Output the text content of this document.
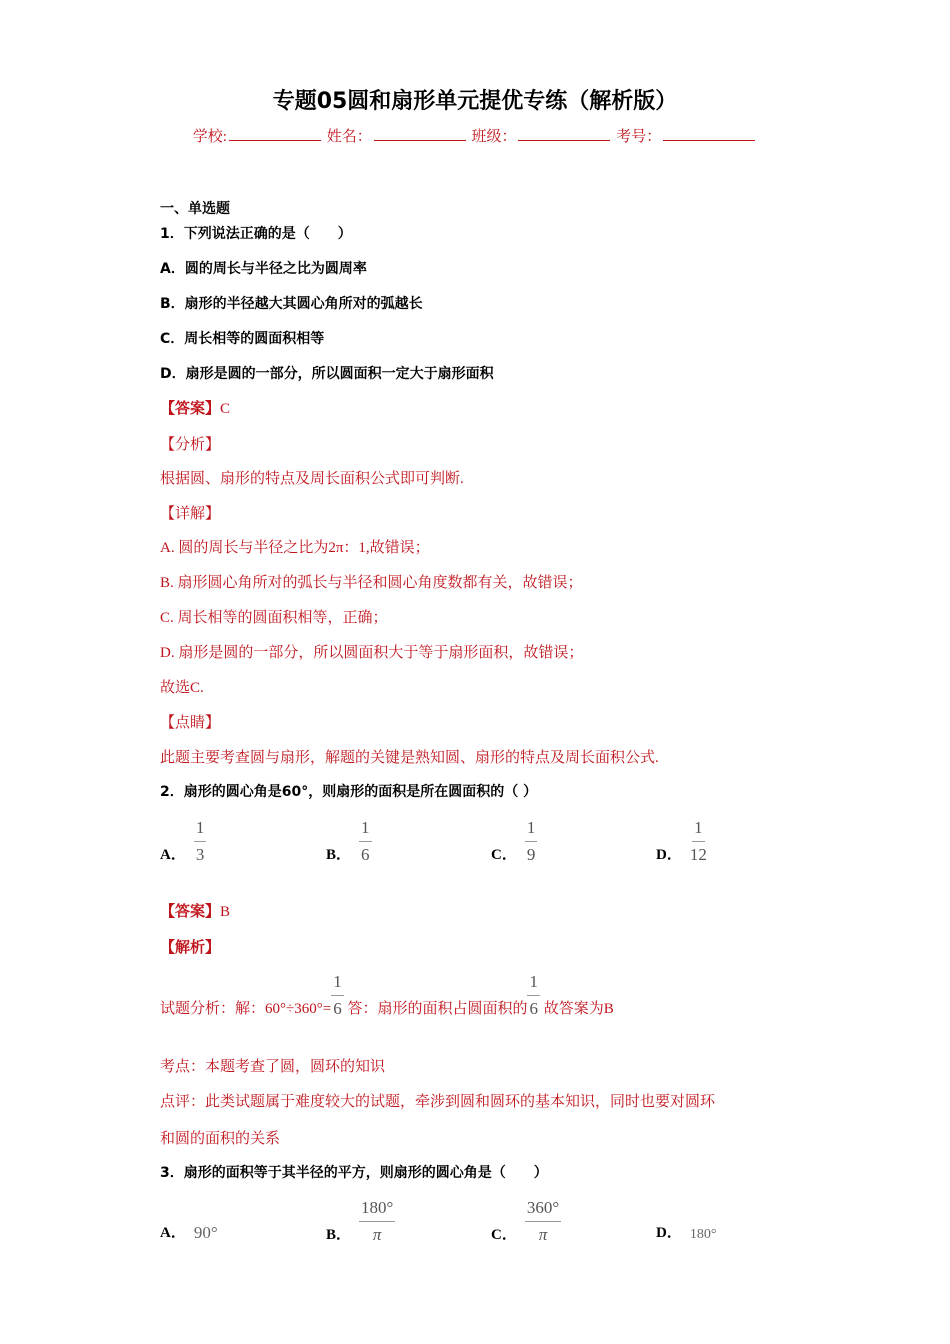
专题05圆和扇形单元提优专练（解析版）
学校:	姓名：	班级：	考号：
一、单选题
1．下列说法正确的是（　　）
A．圆的周长与半径之比为圆周率
B．扇形的半径越大其圆心角所对的弧越长
C．周长相等的圆面积相等
D．扇形是圆的一部分，所以圆面积一定大于扇形面积
【答案】C
【分析】
根据圆、扇形的特点及周长面积公式即可判断.
【详解】
A. 圆的周长与半径之比为2π：1,故错误；
B. 扇形圆心角所对的弧长与半径和圆心角度数都有关，故错误；
C. 周长相等的圆面积相等，正确；
D. 扇形是圆的一部分，所以圆面积大于等于扇形面积，故错误；
故选C.
【点睛】
此题主要考查圆与扇形，解题的关键是熟知圆、扇形的特点及周长面积公式.
2．扇形的圆心角是60°，则扇形的面积是所在圆面积的（ ）
A． $\frac{1}{3}$	B． $\frac{1}{6}$	C． $\frac{1}{9}$	D． $\frac{1}{12}$
【答案】B
【解析】
试题分析：解：$60^\circ\div 360^\circ= \frac{1}{6}$ 答：扇形的面积占圆面积的 $\frac{1}{6}$ 故答案为B
考点：本题考查了圆，圆环的知识
点评：此类试题属于难度较大的试题，牵涉到圆和圆环的基本知识，同时也要对圆环
和圆的面积的关系
3．扇形的面积等于其半径的平方，则扇形的圆心角是（　　）
A． 90°	B． $\frac{180^\circ}{\pi}$	C． $\frac{360^\circ}{\pi}$	D． 180°
